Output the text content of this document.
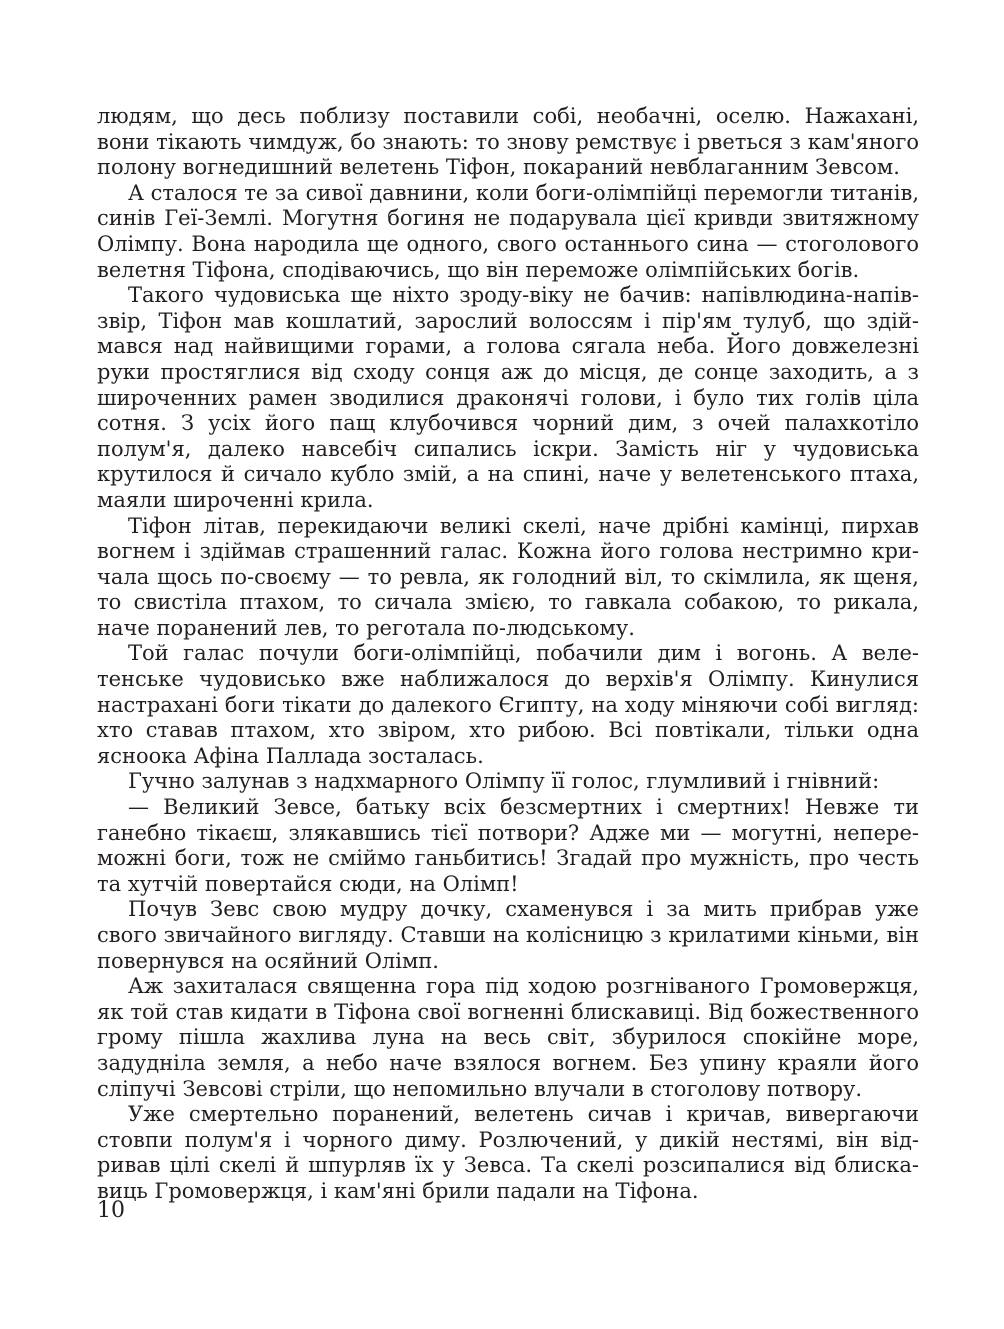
людям, що десь поблизу поставили собі, необачні, оселю. Нажахані, вони тікають чимдуж, бо знають: то знову ремствує і рветься з кам'яного полону вогнедишний велетень Тіфон, покараний невблаганним Зевсом.

А сталося те за сивої давнини, коли боги-олімпійці перемогли титанів, синів Геї-Землі. Могутня богиня не подарувала цієї кривди звитяжному Олімпу. Вона народила ще одного, свого останнього сина — стоголового велетня Тіфона, сподіваючись, що він переможе олімпійських богів.

Такого чудовиська ще ніхто зроду-віку не бачив: напівлюдина-напівзвір, Тіфон мав кошлатий, зарослий волоссям і пір'ям тулуб, що здіймався над найвищими горами, а голова сягала неба. Його довжелезні руки простяглися від сходу сонця аж до місця, де сонце заходить, а з широченних рамен зводилися драконячі голови, і було тих голів ціла сотня. З усіх його пащ клубочився чорний дим, з очей палахкотіло полум'я, далеко навсебіч сипались іскри. Замість ніг у чудовиська крутилося й сичало кубло змій, а на спині, наче у велетенського птаха, маяли широченні крила.

Тіфон літав, перекидаючи великі скелі, наче дрібні камінці, пирхав вогнем і здіймав страшенний галас. Кожна його голова нестримно кричала щось по-своєму — то ревла, як голодний віл, то скімлила, як щеня, то свистіла птахом, то сичала змією, то гавкала собакою, то рикала, наче поранений лев, то реготала по-людському.

Той галас почули боги-олімпійці, побачили дим і вогонь. А велетенське чудовисько вже наближалося до верхів'я Олімпу. Кинулися настрахані боги тікати до далекого Єгипту, на ходу міняючи собі вигляд: хто ставав птахом, хто звіром, хто рибою. Всі повтікали, тільки одна ясноока Афіна Паллада зосталась.

Гучно залунав з надхмарного Олімпу її голос, глумливий і гнівний:

— Великий Зевсе, батьку всіх безсмертних і смертних! Невже ти ганебно тікаєш, злякавшись тієї потвори? Адже ми — могутні, непереможні боги, тож не сміймо ганьбитись! Згадай про мужність, про честь та хутчій повертайся сюди, на Олімп!

Почув Зевс свою мудру дочку, схаменувся і за мить прибрав уже свого звичайного вигляду. Ставши на колісницю з крилатими кіньми, він повернувся на осяйний Олімп.

Аж захиталася священна гора під ходою розгніваного Громовержця, як той став кидати в Тіфона свої вогненні блискавиці. Від божественного грому пішла жахлива луна на весь світ, збурилося спокійне море, задудніла земля, а небо наче взялося вогнем. Без упину краяли його сліпучі Зевсові стріли, що непомильно влучали в стоголову потвору.

Уже смертельно поранений, велетень сичав і кричав, вивергаючи стовпи полум'я і чорного диму. Розлючений, у дикій нестямі, він відривав цілі скелі й шпурляв їх у Зевса. Та скелі розсипалися від блискавиць Громовержця, і кам'яні брили падали на Тіфона.

10
